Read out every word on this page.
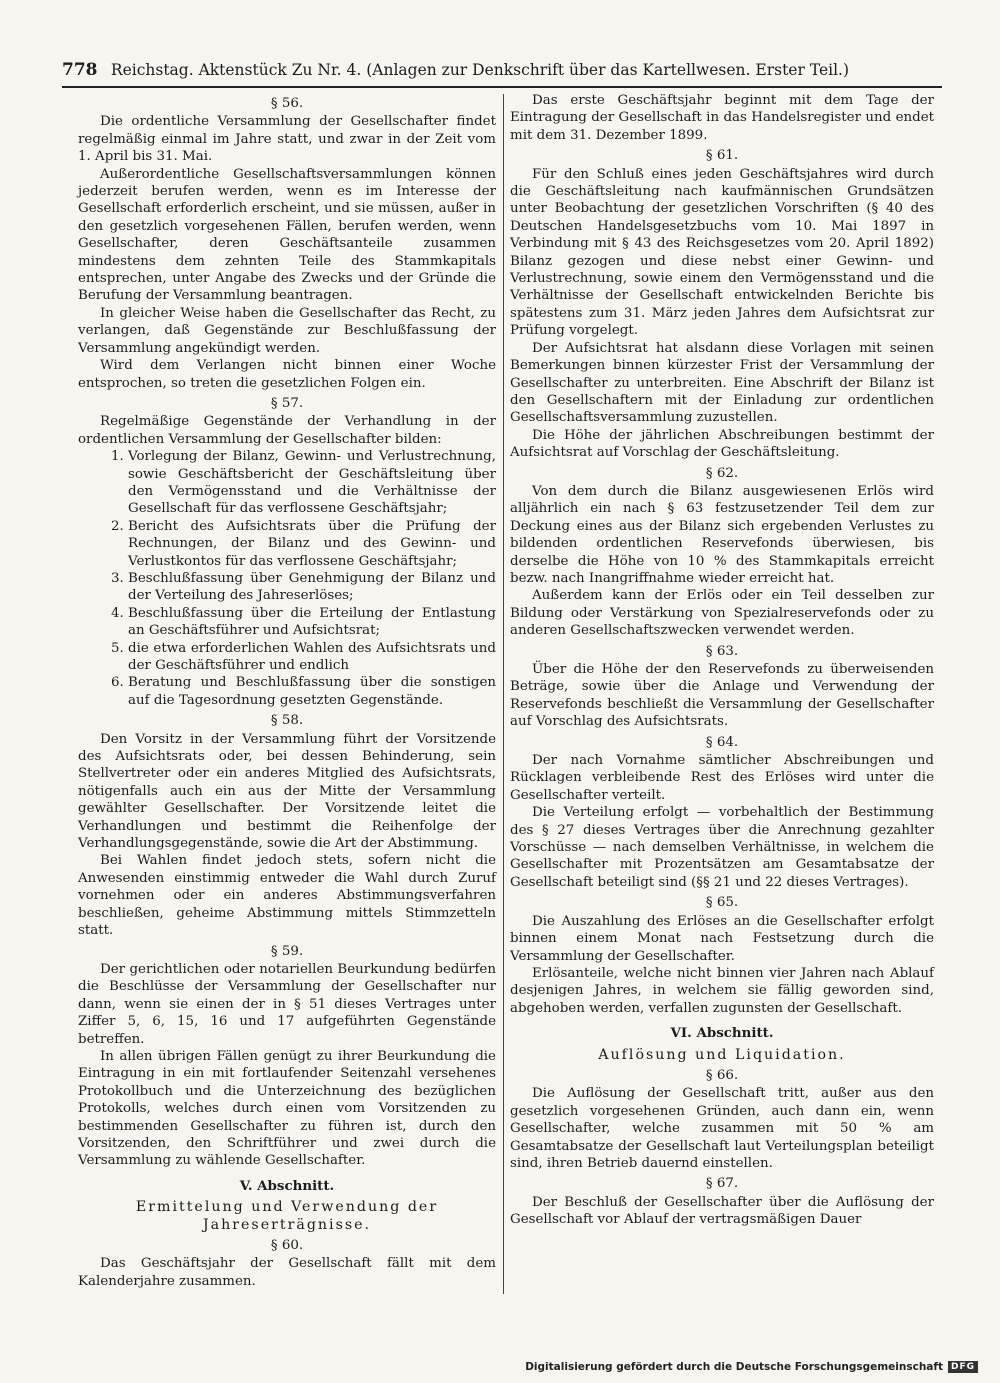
778 Reichstag. Aktenstück Zu Nr. 4. (Anlagen zur Denkschrift über das Kartellwesen. Erster Teil.)
§ 56.

Die ordentliche Versammlung der Gesellschafter findet regelmäßig einmal im Jahre statt, und zwar in der Zeit vom 1. April bis 31. Mai.

Außerordentliche Gesellschaftsversammlungen können jederzeit berufen werden, wenn es im Interesse der Gesellschaft erforderlich erscheint, und sie müssen, außer in den gesetzlich vorgesehenen Fällen, berufen werden, wenn Gesellschafter, deren Geschäftsanteile zusammen mindestens dem zehnten Teile des Stammkapitals entsprechen, unter Angabe des Zwecks und der Gründe die Berufung der Versammlung beantragen.

In gleicher Weise haben die Gesellschafter das Recht, zu verlangen, daß Gegenstände zur Beschlußfassung der Versammlung angekündigt werden.

Wird dem Verlangen nicht binnen einer Woche entsprochen, so treten die gesetzlichen Folgen ein.

§ 57.

Regelmäßige Gegenstände der Verhandlung in der ordentlichen Versammlung der Gesellschafter bilden:

1. Vorlegung der Bilanz, Gewinn- und Verlustrechnung, sowie Geschäftsbericht der Geschäftsleitung über den Vermögensstand und die Verhältnisse der Gesellschaft für das verflossene Geschäftsjahr;
2. Bericht des Aufsichtsrats über die Prüfung der Rechnungen, der Bilanz und des Gewinn- und Verlustkontos für das verflossene Geschäftsjahr;
3. Beschlußfassung über Genehmigung der Bilanz und der Verteilung des Jahreserlöses;
4. Beschlußfassung über die Erteilung der Entlastung an Geschäftsführer und Aufsichtsrat;
5. die etwa erforderlichen Wahlen des Aufsichtsrats und der Geschäftsführer und endlich
6. Beratung und Beschlußfassung über die sonstigen auf die Tagesordnung gesetzten Gegenstände.
§ 58.

Den Vorsitz in der Versammlung führt der Vorsitzende des Aufsichtsrats oder, bei dessen Behinderung, sein Stellvertreter oder ein anderes Mitglied des Aufsichtsrats, nötigenfalls auch ein aus der Mitte der Versammlung gewählter Gesellschafter. Der Vorsitzende leitet die Verhandlungen und bestimmt die Reihenfolge der Verhandlungsgegenstände, sowie die Art der Abstimmung.

Bei Wahlen findet jedoch stets, sofern nicht die Anwesenden einstimmig entweder die Wahl durch Zuruf vornehmen oder ein anderes Abstimmungsverfahren beschließen, geheime Abstimmung mittels Stimmzetteln statt.

§ 59.

Der gerichtlichen oder notariellen Beurkundung bedürfen die Beschlüsse der Versammlung der Gesellschafter nur dann, wenn sie einen der in § 51 dieses Vertrages unter Ziffer 5, 6, 15, 16 und 17 aufgeführten Gegenstände betreffen.

In allen übrigen Fällen genügt zu ihrer Beurkundung die Eintragung in ein mit fortlaufender Seitenzahl versehenes Protokollbuch und die Unterzeichnung des bezüglichen Protokolls, welches durch einen vom Vorsitzenden zu bestimmenden Gesellschafter zu führen ist, durch den Vorsitzenden, den Schriftführer und zwei durch die Versammlung zu wählende Gesellschafter.

V. Abschnitt.
Ermittelung und Verwendung der Jahreserträgnisse.
§ 60.

Das Geschäftsjahr der Gesellschaft fällt mit dem Kalenderjahre zusammen.

Das erste Geschäftsjahr beginnt mit dem Tage der Eintragung der Gesellschaft in das Handelsregister und endet mit dem 31. Dezember 1899.

§ 61.

Für den Schluß eines jeden Geschäftsjahres wird durch die Geschäftsleitung nach kaufmännischen Grundsätzen unter Beobachtung der gesetzlichen Vorschriften (§ 40 des Deutschen Handelsgesetzbuchs vom 10. Mai 1897 in Verbindung mit § 43 des Reichsgesetzes vom 20. April 1892) Bilanz gezogen und diese nebst einer Gewinn- und Verlustrechnung, sowie einem den Vermögensstand und die Verhältnisse der Gesellschaft entwickelnden Berichte bis spätestens zum 31. März jeden Jahres dem Aufsichtsrat zur Prüfung vorgelegt.

Der Aufsichtsrat hat alsdann diese Vorlagen mit seinen Bemerkungen binnen kürzester Frist der Versammlung der Gesellschafter zu unterbreiten. Eine Abschrift der Bilanz ist den Gesellschaftern mit der Einladung zur ordentlichen Gesellschaftsversammlung zuzustellen.

Die Höhe der jährlichen Abschreibungen bestimmt der Aufsichtsrat auf Vorschlag der Geschäftsleitung.

§ 62.

Von dem durch die Bilanz ausgewiesenen Erlös wird alljährlich ein nach § 63 festzusetzender Teil dem zur Deckung eines aus der Bilanz sich ergebenden Verlustes zu bildenden ordentlichen Reservefonds überwiesen, bis derselbe die Höhe von 10 % des Stammkapitals erreicht bezw. nach Inangriffnahme wieder erreicht hat.

Außerdem kann der Erlös oder ein Teil desselben zur Bildung oder Verstärkung von Spezialreservefonds oder zu anderen Gesellschaftszwecken verwendet werden.

§ 63.

Über die Höhe der den Reservefonds zu überweisenden Beträge, sowie über die Anlage und Verwendung der Reservefonds beschließt die Versammlung der Gesellschafter auf Vorschlag des Aufsichtsrats.

§ 64.

Der nach Vornahme sämtlicher Abschreibungen und Rücklagen verbleibende Rest des Erlöses wird unter die Gesellschafter verteilt.

Die Verteilung erfolgt — vorbehaltlich der Bestimmung des § 27 dieses Vertrages über die Anrechnung gezahlter Vorschüsse — nach demselben Verhältnisse, in welchem die Gesellschafter mit Prozentsätzen am Gesamtabsatze der Gesellschaft beteiligt sind (§§ 21 und 22 dieses Vertrages).

§ 65.

Die Auszahlung des Erlöses an die Gesellschafter erfolgt binnen einem Monat nach Festsetzung durch die Versammlung der Gesellschafter.

Erlösanteile, welche nicht binnen vier Jahren nach Ablauf desjenigen Jahres, in welchem sie fällig geworden sind, abgehoben werden, verfallen zugunsten der Gesellschaft.

VI. Abschnitt.
Auflösung und Liquidation.
§ 66.

Die Auflösung der Gesellschaft tritt, außer aus den gesetzlich vorgesehenen Gründen, auch dann ein, wenn Gesellschafter, welche zusammen mit 50 % am Gesamtabsatze der Gesellschaft laut Verteilungsplan beteiligt sind, ihren Betrieb dauernd einstellen.

§ 67.

Der Beschluß der Gesellschafter über die Auflösung der Gesellschaft vor Ablauf der vertragsmäßigen Dauer

Digitalisierung gefördert durch die Deutsche Forschungsgemeinschaft DFG
